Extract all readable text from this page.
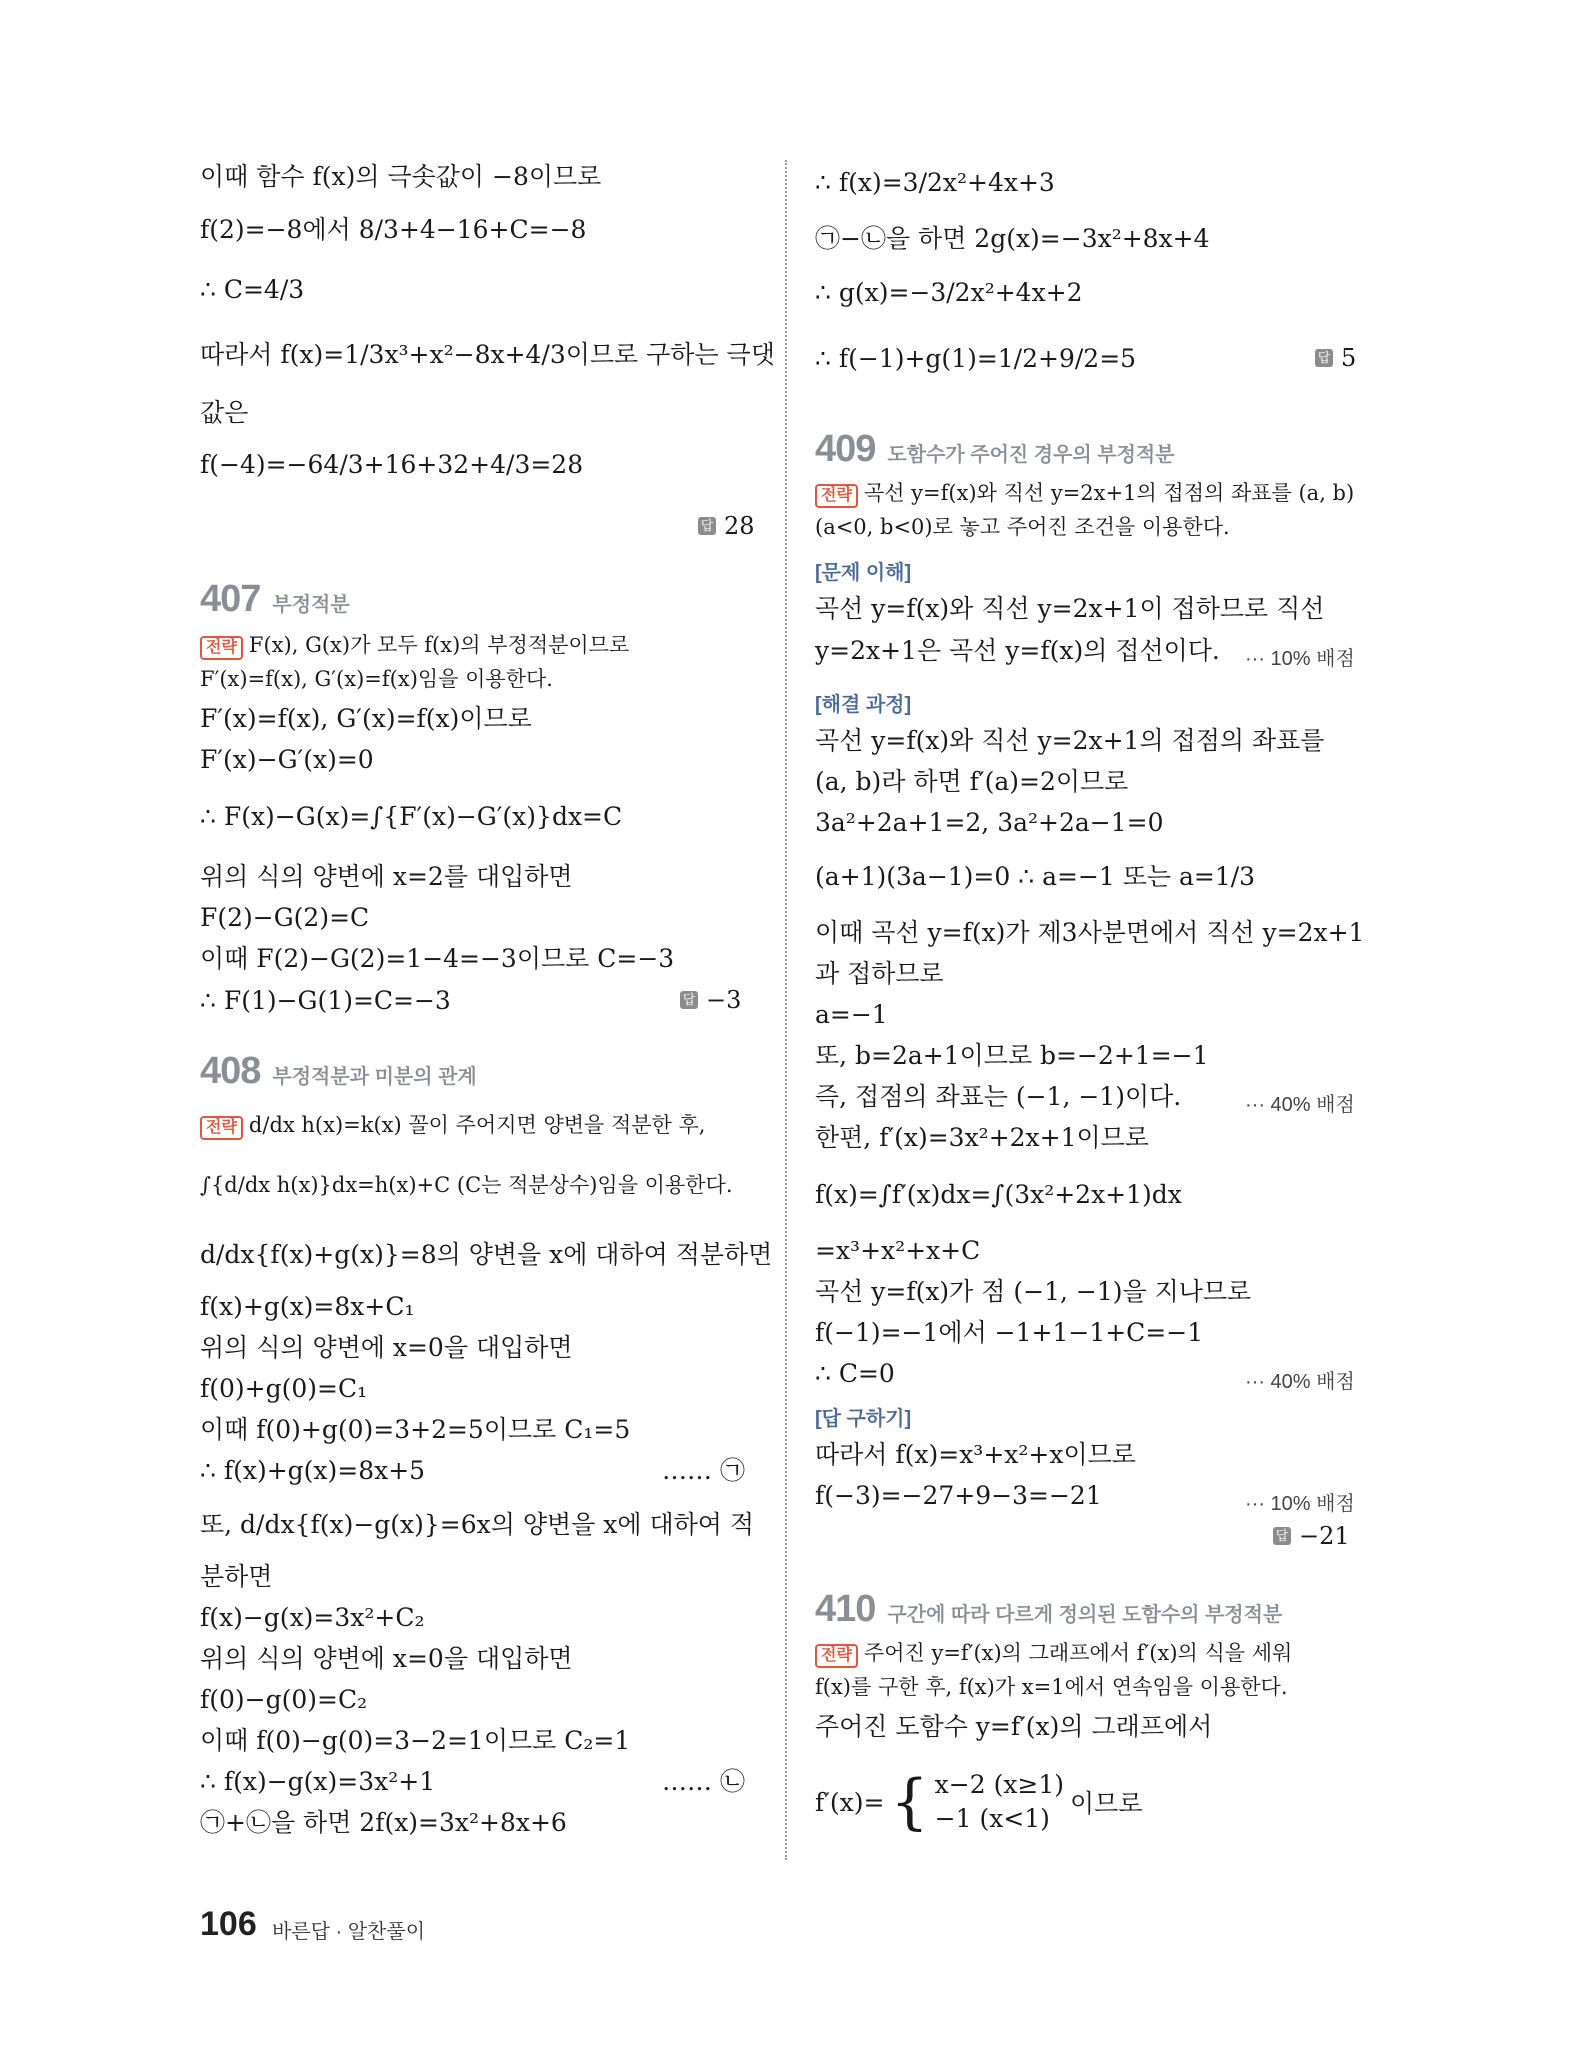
이때 함수 f(x)의 극솟값이 −8이므로
f(2)=−8에서 8/3+4−16+C=−8
∴ C=4/3
따라서 f(x)=1/3x³+x²−8x+4/3이므로 구하는 극댓
값은
f(−4)=−64/3+16+32+4/3=28
답 28
407 부정적분
전략 F(x), G(x)가 모두 f(x)의 부정적분이므로
F′(x)=f(x), G′(x)=f(x)임을 이용한다.
F′(x)=f(x), G′(x)=f(x)이므로
F′(x)−G′(x)=0
∴ F(x)−G(x)=∫{F′(x)−G′(x)}dx=C
위의 식의 양변에 x=2를 대입하면
F(2)−G(2)=C
이때 F(2)−G(2)=1−4=−3이므로 C=−3
∴ F(1)−G(1)=C=−3	답 −3
408 부정적분과 미분의 관계
전략 d/dx h(x)=k(x) 꼴이 주어지면 양변을 적분한 후,
∫{d/dx h(x)}dx=h(x)+C (C는 적분상수)임을 이용한다.
d/dx{f(x)+g(x)}=8의 양변을 x에 대하여 적분하면
f(x)+g(x)=8x+C₁
위의 식의 양변에 x=0을 대입하면
f(0)+g(0)=C₁
이때 f(0)+g(0)=3+2=5이므로 C₁=5
∴ f(x)+g(x)=8x+5	…… ㉠
또, d/dx{f(x)−g(x)}=6x의 양변을 x에 대하여 적
분하면
f(x)−g(x)=3x²+C₂
위의 식의 양변에 x=0을 대입하면
f(0)−g(0)=C₂
이때 f(0)−g(0)=3−2=1이므로 C₂=1
∴ f(x)−g(x)=3x²+1	…… ㉡
㉠+㉡을 하면 2f(x)=3x²+8x+6
∴ f(x)=3/2x²+4x+3
㉠−㉡을 하면 2g(x)=−3x²+8x+4
∴ g(x)=−3/2x²+4x+2
∴ f(−1)+g(1)=1/2+9/2=5	답 5
409 도함수가 주어진 경우의 부정적분
전략 곡선 y=f(x)와 직선 y=2x+1의 접점의 좌표를 (a, b)
(a<0, b<0)로 놓고 주어진 조건을 이용한다.
[문제 이해]
곡선 y=f(x)와 직선 y=2x+1이 접하므로 직선
y=2x+1은 곡선 y=f(x)의 접선이다. ··· 10% 배점
[해결 과정]
곡선 y=f(x)와 직선 y=2x+1의 접점의 좌표를
(a, b)라 하면 f′(a)=2이므로
3a²+2a+1=2, 3a²+2a−1=0
(a+1)(3a−1)=0 ∴ a=−1 또는 a=1/3
이때 곡선 y=f(x)가 제3사분면에서 직선 y=2x+1
과 접하므로
a=−1
또, b=2a+1이므로 b=−2+1=−1
즉, 접점의 좌표는 (−1, −1)이다.	··· 40% 배점
한편, f′(x)=3x²+2x+1이므로
f(x)=∫f′(x)dx=∫(3x²+2x+1)dx
=x³+x²+x+C
곡선 y=f(x)가 점 (−1, −1)을 지나므로
f(−1)=−1에서 −1+1−1+C=−1
∴ C=0	··· 40% 배점
[답 구하기]
따라서 f(x)=x³+x²+x이므로
f(−3)=−27+9−3=−21	··· 10% 배점
답 −21
410 구간에 따라 다르게 정의된 도함수의 부정적분
전략 주어진 y=f′(x)의 그래프에서 f′(x)의 식을 세워
f(x)를 구한 후, f(x)가 x=1에서 연속임을 이용한다.
주어진 도함수 y=f′(x)의 그래프에서
f′(x)= { x−2 (x≥1)
−1 (x<1)
이므로
106 바른답 · 알찬풀이
